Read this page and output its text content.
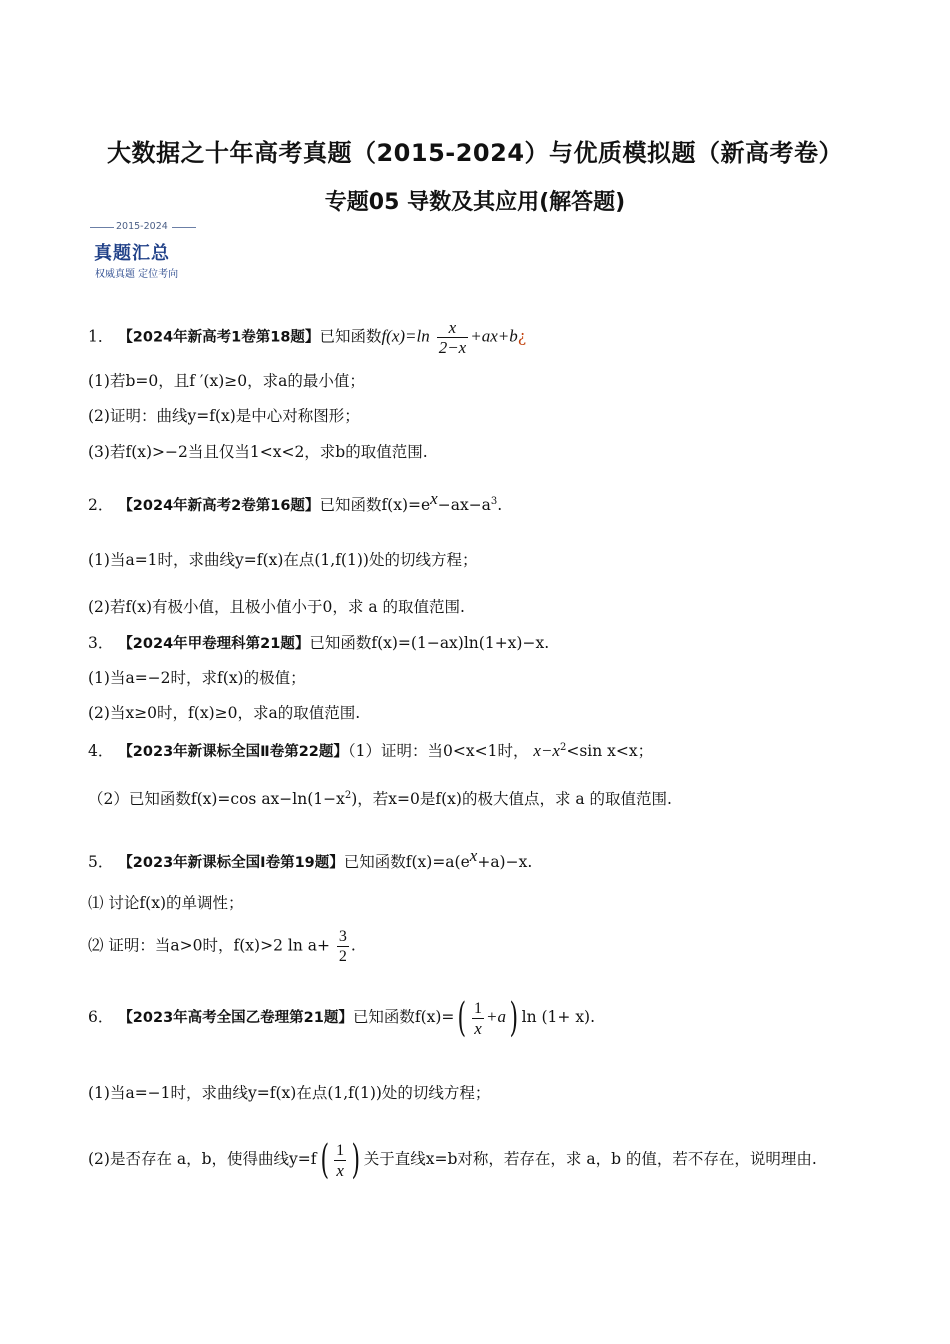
大数据之十年高考真题（2015-2024）与优质模拟题（新高考卷）
专题05 导数及其应用(解答题)
2015-2024
真题汇总
权威真题 定位考向
1． 【2024年新高考1卷第18题】已知函数$f(x)=\ln \frac{x}{2-x}$ +ax+b¿
(1)若b=0，且f ′(x)≥0，求a的最小值；
(2)证明：曲线y=f(x)是中心对称图形；
(3)若f(x)>−2当且仅当1<x<2，求b的取值范围.
2． 【2024年新高考2卷第16题】已知函数$f(x)=e^x-ax-a^3$.
(1)当a=1时，求曲线y=f(x)在点(1,f(1))处的切线方程；
(2)若f(x)有极小值，且极小值小于0，求 a 的取值范围.
3． 【2024年甲卷理科第21题】已知函数f(x)=(1−ax)ln(1+x)−x.
(1)当a=−2时，求f(x)的极值；
(2)当x≥0时，f(x)≥0，求a的取值范围.
4． 【2023年新课标全国Ⅱ卷第22题】（1）证明：当0<x<1时， $x-x^2<\sin$ x<x；
（2）已知函数f(x)=cos $ax-\ln(1-x^2)$，若x=0是f(x)的极大值点，求 a 的取值范围.
5． 【2023年新课标全国Ⅰ卷第19题】已知函数$f(x)=a(e^x+a)-x$.
⑴ 讨论f(x)的单调性；
⑵ 证明：当a>0时，f(x)>2 $\ln a+ \frac{3}{2}$ .
6． 【2023年高考全国乙卷理第21题】已知函数$f(x)=( \frac{1}{x} +a)$ ln (1+ x).
(1)当a=−1时，求曲线y=f(x)在点(1,f(1))处的切线方程；
(2)是否存在 a，b，使得曲线$y=f( \frac{1}{x}$ ) 关于直线x=b对称，若存在，求 a，b 的值，若不存在，说明理由.
